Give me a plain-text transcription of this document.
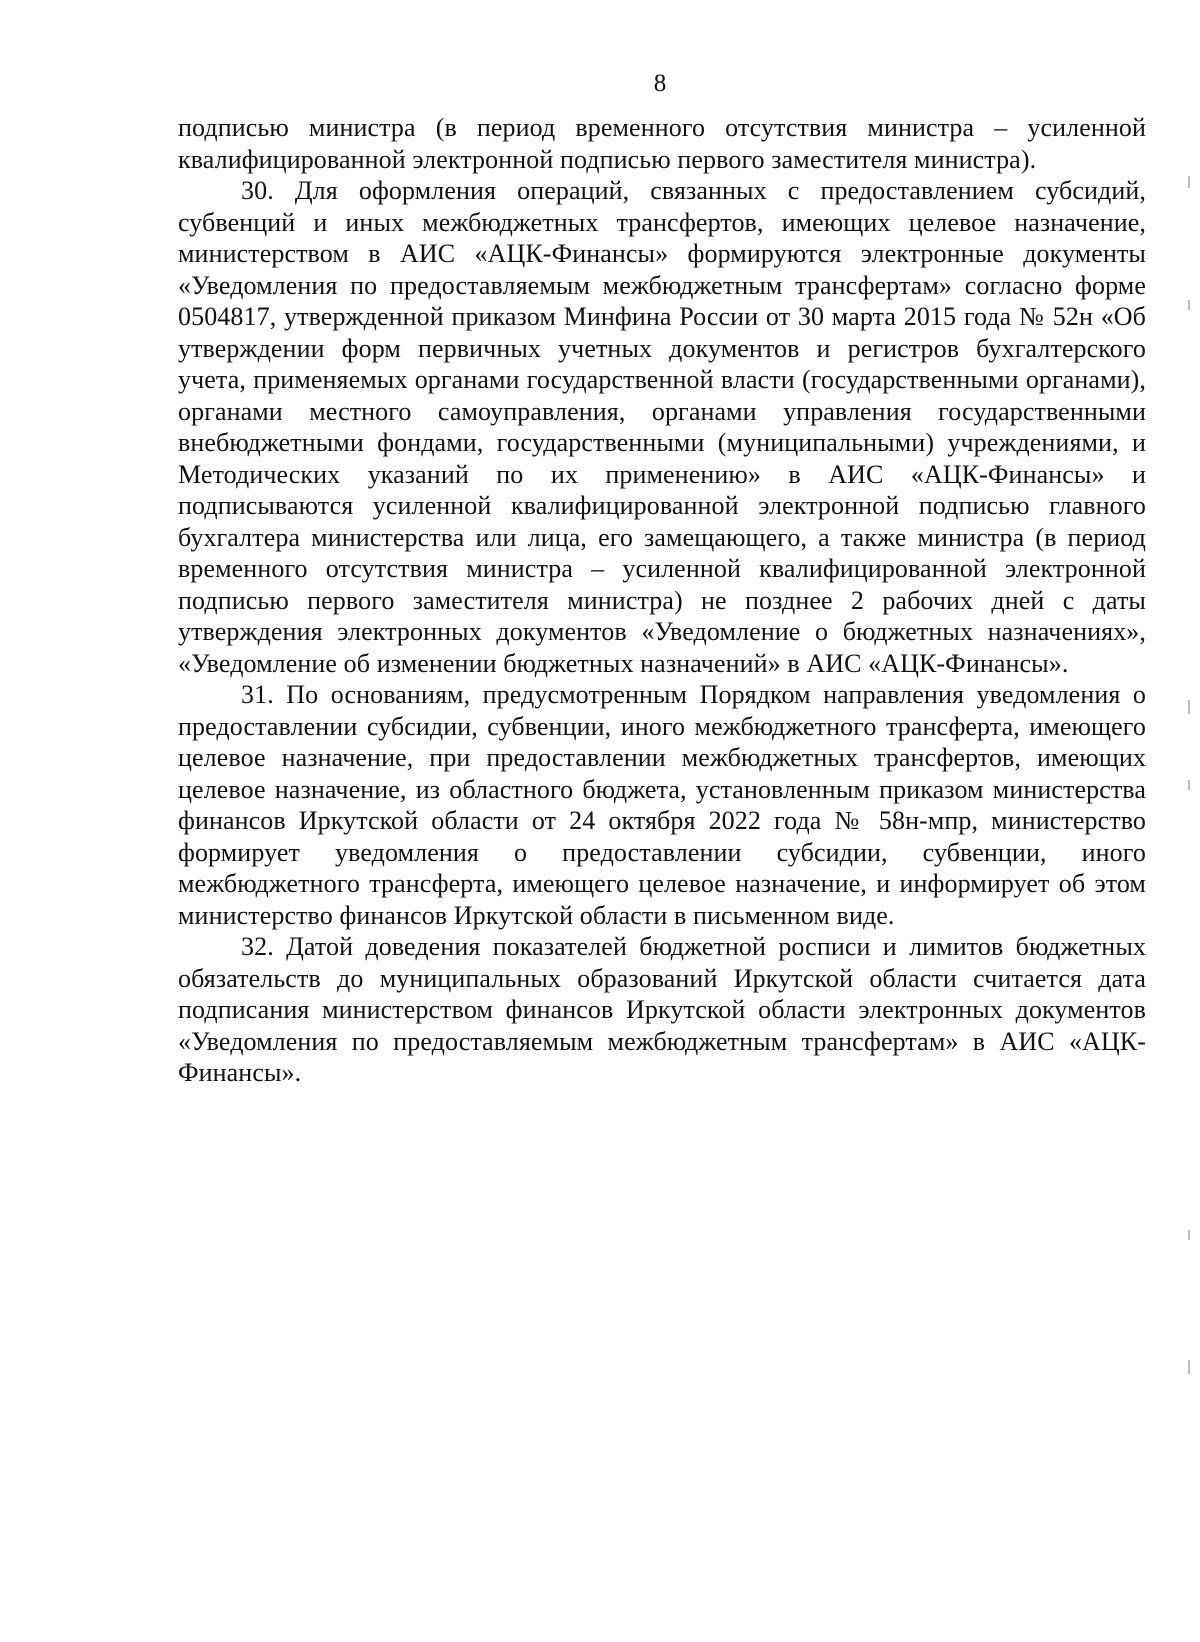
8

подписью министра (в период временного отсутствия министра – усиленной квалифицированной электронной подписью первого заместителя министра).

30. Для оформления операций, связанных с предоставлением субсидий, субвенций и иных межбюджетных трансфертов, имеющих целевое назначение, министерством в АИС «АЦК-Финансы» формируются электронные документы «Уведомления по предоставляемым межбюджетным трансфертам» согласно форме 0504817, утвержденной приказом Минфина России от 30 марта 2015 года № 52н «Об утверждении форм первичных учетных документов и регистров бухгалтерского учета, применяемых органами государственной власти (государственными органами), органами местного самоуправления, органами управления государственными внебюджетными фондами, государственными (муниципальными) учреждениями, и Методических указаний по их применению» в АИС «АЦК-Финансы» и подписываются усиленной квалифицированной электронной подписью главного бухгалтера министерства или лица, его замещающего, а также министра (в период временного отсутствия министра – усиленной квалифицированной электронной подписью первого заместителя министра) не позднее 2 рабочих дней с даты утверждения электронных документов «Уведомление о бюджетных назначениях», «Уведомление об изменении бюджетных назначений» в АИС «АЦК-Финансы».

31. По основаниям, предусмотренным Порядком направления уведомления о предоставлении субсидии, субвенции, иного межбюджетного трансферта, имеющего целевое назначение, при предоставлении межбюджетных трансфертов, имеющих целевое назначение, из областного бюджета, установленным приказом министерства финансов Иркутской области от 24 октября 2022 года № 58н-мпр, министерство формирует уведомления о предоставлении субсидии, субвенции, иного межбюджетного трансферта, имеющего целевое назначение, и информирует об этом министерство финансов Иркутской области в письменном виде.

32. Датой доведения показателей бюджетной росписи и лимитов бюджетных обязательств до муниципальных образований Иркутской области считается дата подписания министерством финансов Иркутской области электронных документов «Уведомления по предоставляемым межбюджетным трансфертам» в АИС «АЦК-Финансы».
